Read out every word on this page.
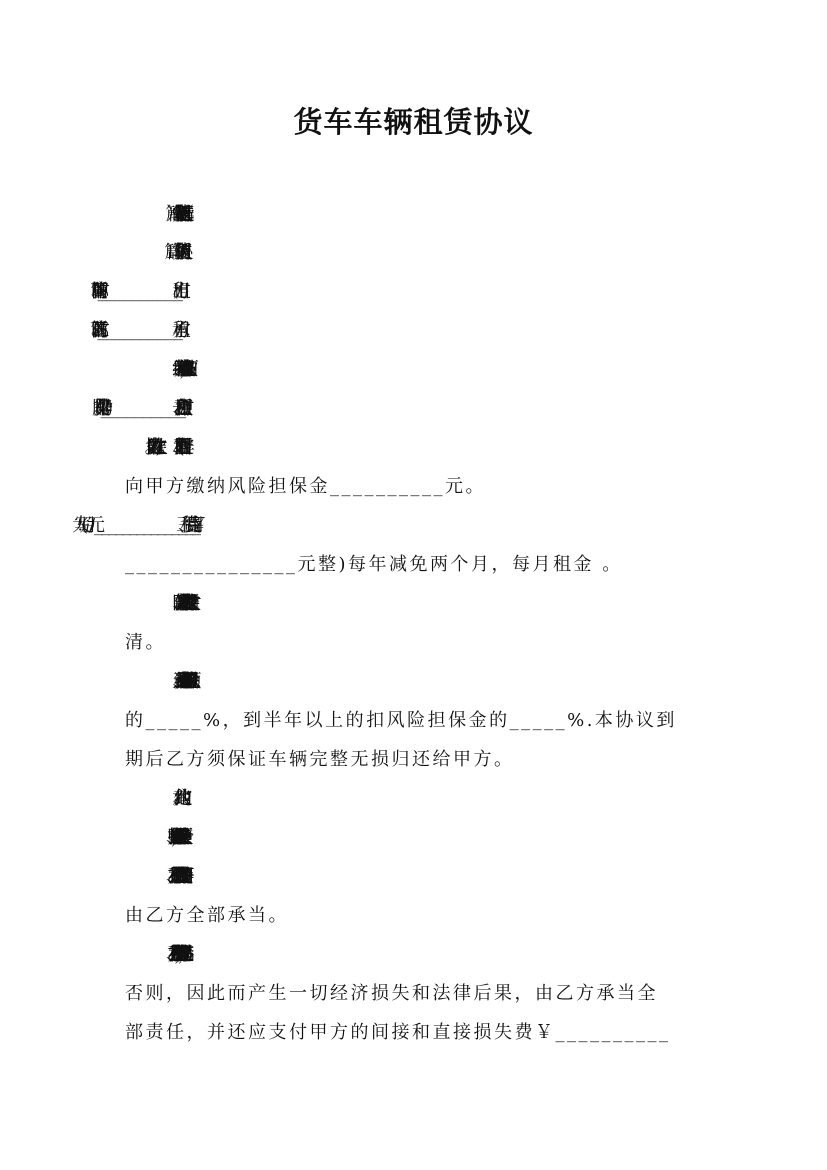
货车车辆租赁协议
经甲乙双方平等协商达成本协议，条款如下：
向甲方缴纳风险担保金__________元。
_______________元整)每年减免两个月，每月租金 。
四、付款方式：乙方在接收车辆时以现金方式一次性付
清。
五、违约责任：乙方租用不到半年的扣风险担保金总额
的_____%，到半年以上的扣风险担保金的_____%.本协议到
期后乙方须保证车辆完整无损归还给甲方。
六、其他约定：
1、甲方提供出租车辆，行车的相关手续必须齐全。
2、乙方在租赁期内的一切油耗、修理费及相关费用等
由乙方全部承当。
3、乙方在租赁期内所承运的各种物资，无国家违禁品，
否则，因此而产生一切经济损失和法律后果，由乙方承当全
部责任，并还应支付甲方的间接和直接损失费￥__________
